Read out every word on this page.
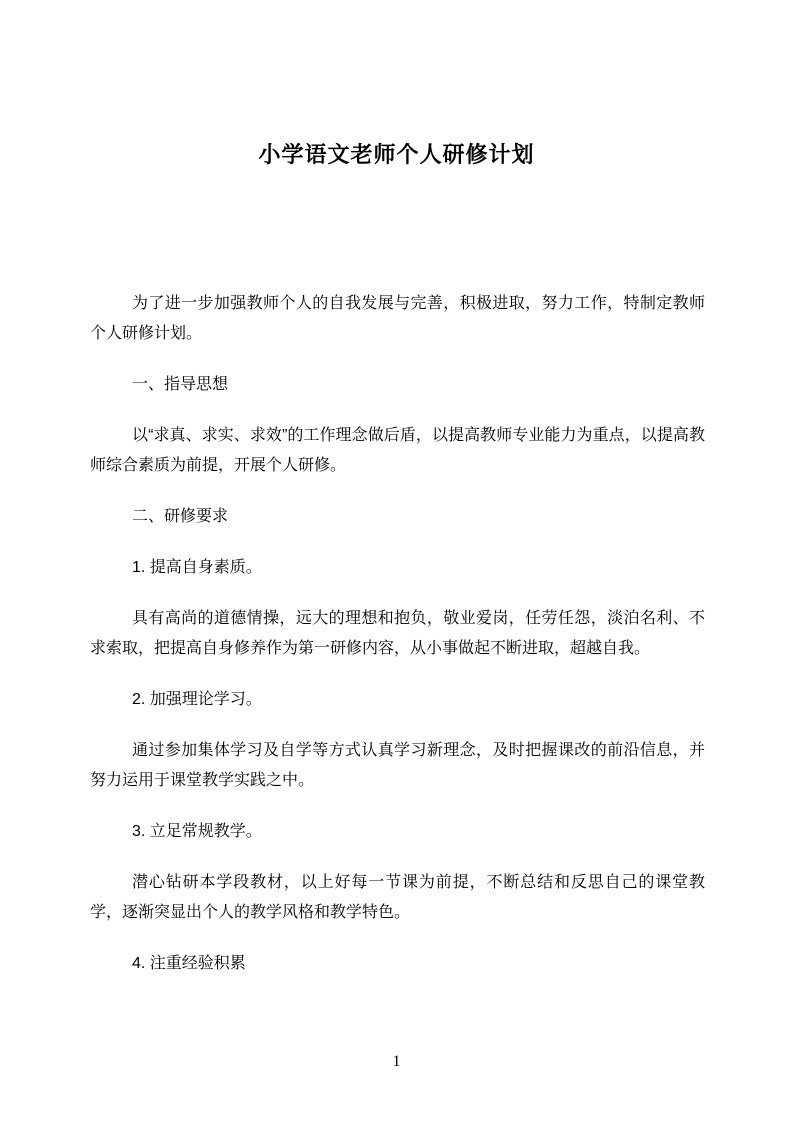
小学语文老师个人研修计划

为了进一步加强教师个人的自我发展与完善，积极进取，努力工作，特制定教师个人研修计划。

一、指导思想

以“求真、求实、求效”的工作理念做后盾，以提高教师专业能力为重点，以提高教师综合素质为前提，开展个人研修。

二、研修要求

1. 提高自身素质。

具有高尚的道德情操，远大的理想和抱负，敬业爱岗，任劳任怨，淡泊名利、不求索取，把提高自身修养作为第一研修内容，从小事做起不断进取，超越自我。

2. 加强理论学习。

通过参加集体学习及自学等方式认真学习新理念，及时把握课改的前沿信息，并努力运用于课堂教学实践之中。

3. 立足常规教学。

潜心钻研本学段教材，以上好每一节课为前提，不断总结和反思自己的课堂教学，逐渐突显出个人的教学风格和教学特色。

4. 注重经验积累

1
